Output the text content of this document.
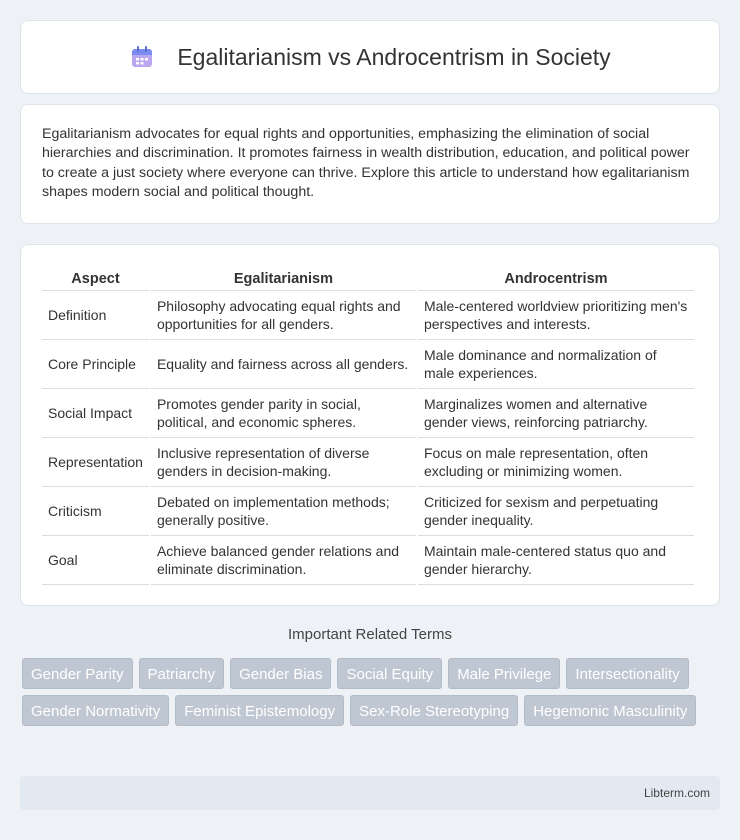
Egalitarianism vs Androcentrism in Society

Egalitarianism advocates for equal rights and opportunities, emphasizing the elimination of social hierarchies and discrimination. It promotes fairness in wealth distribution, education, and political power to create a just society where everyone can thrive. Explore this article to understand how egalitarianism shapes modern social and political thought.

Aspect	Egalitarianism	Androcentrism
Definition	Philosophy advocating equal rights and opportunities for all genders.	Male-centered worldview prioritizing men's perspectives and interests.
Core Principle	Equality and fairness across all genders.	Male dominance and normalization of male experiences.
Social Impact	Promotes gender parity in social, political, and economic spheres.	Marginalizes women and alternative gender views, reinforcing patriarchy.
Representation	Inclusive representation of diverse genders in decision-making.	Focus on male representation, often excluding or minimizing women.
Criticism	Debated on implementation methods; generally positive.	Criticized for sexism and perpetuating gender inequality.
Goal	Achieve balanced gender relations and eliminate discrimination.	Maintain male-centered status quo and gender hierarchy.
Important Related Terms
Gender Parity	Patriarchy	Gender Bias	Social Equity	Male Privilege	Intersectionality
Gender Normativity	Feminist Epistemology	Sex-Role Stereotyping	Hegemonic Masculinity
Libterm.com
